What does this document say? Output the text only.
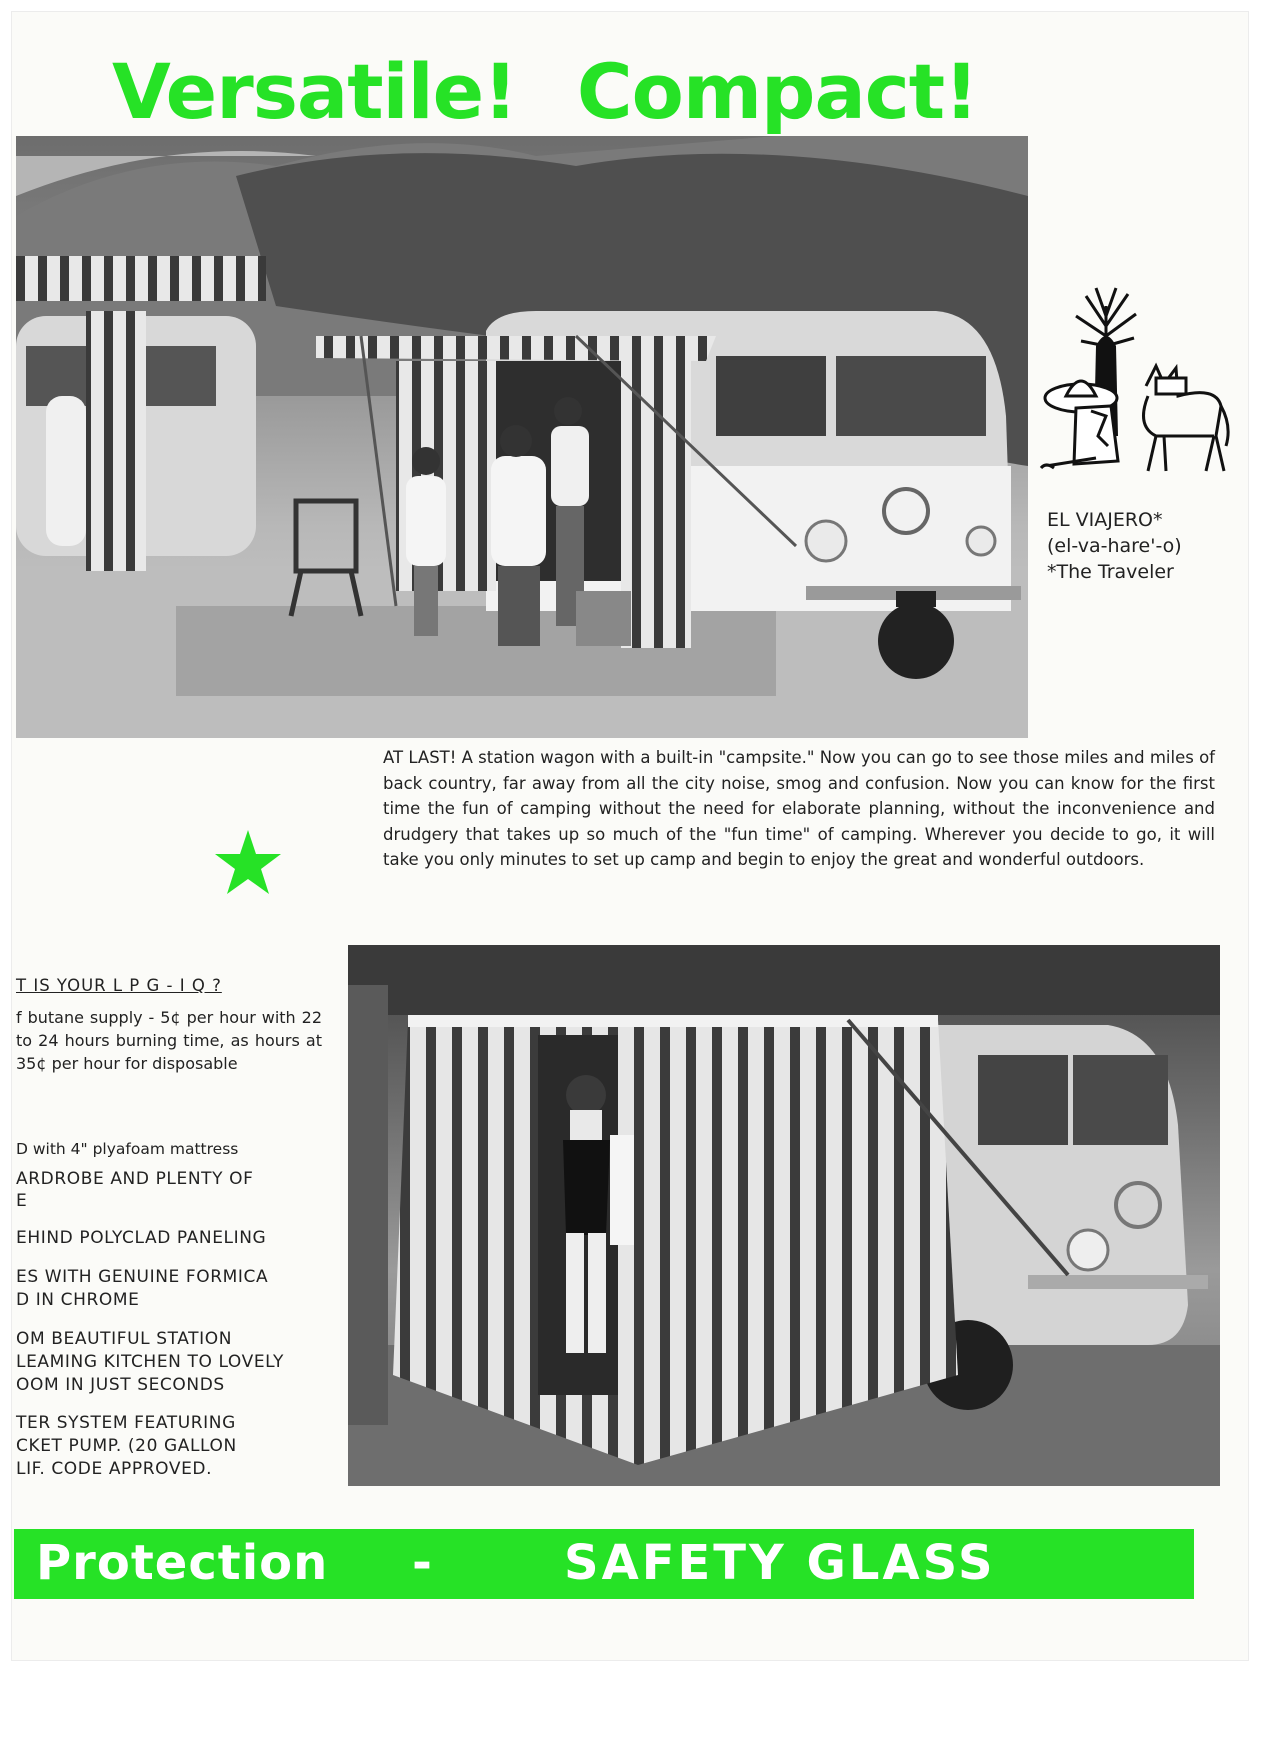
Versatile! Compact!
EL VIAJERO*
(el-va-hare'-o)
*The Traveler
AT LAST! A station wagon with a built-in "campsite." Now you can go to see those miles and miles of back country, far away from all the city noise, smog and confusion. Now you can know for the first time the fun of camping without the need for elaborate planning, without the inconvenience and drudgery that takes up so much of the "fun time" of camping. Wherever you decide to go, it will take you only minutes to set up camp and begin to enjoy the great and wonderful outdoors.
T IS YOUR L P G - I Q ?
f butane supply - 5¢ per hour with 22 to 24 hours burning time, as hours at 35¢ per hour for disposable
D with 4" plyafoam mattress
ARDROBE AND PLENTY OF
E
EHIND POLYCLAD PANELING
ES WITH GENUINE FORMICA
D IN CHROME
OM BEAUTIFUL STATION
LEAMING KITCHEN TO LOVELY
OOM IN JUST SECONDS
TER SYSTEM FEATURING
CKET PUMP. (20 GALLON
LIF. CODE APPROVED.
Protection -	SAFETY GLASS
